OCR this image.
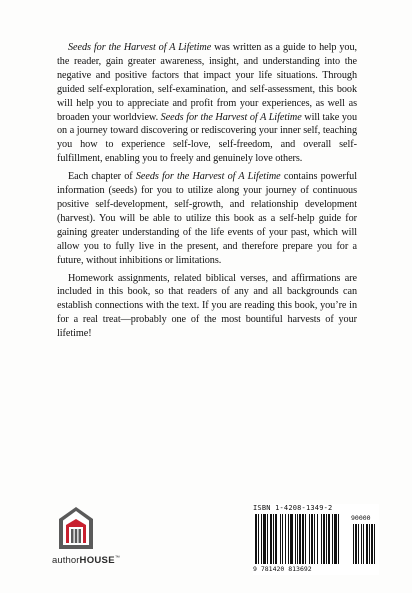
Seeds for the Harvest of A Lifetime was written as a guide to help you, the reader, gain greater awareness, insight, and understanding into the negative and positive factors that impact your life situations. Through guided self-exploration, self-examination, and self-assessment, this book will help you to appreciate and profit from your experiences, as well as broaden your worldview. Seeds for the Harvest of A Lifetime will take you on a journey toward discovering or rediscovering your inner self, teaching you how to experience self-love, self-freedom, and overall self-fulfillment, enabling you to freely and genuinely love others.

Each chapter of Seeds for the Harvest of A Lifetime contains powerful information (seeds) for you to utilize along your journey of continuous positive self-development, self-growth, and relationship development (harvest). You will be able to utilize this book as a self-help guide for gaining greater understanding of the life events of your past, which will allow you to fully live in the present, and therefore prepare you for a future, without inhibitions or limitations.

Homework assignments, related biblical verses, and affirmations are included in this book, so that readers of any and all backgrounds can establish connections with the text. If you are reading this book, you’re in for a real treat—probably one of the most bountiful harvests of your lifetime!

authorHOUSE™
ISBN 1-4208-1349-2
90000
9 781420 813692
